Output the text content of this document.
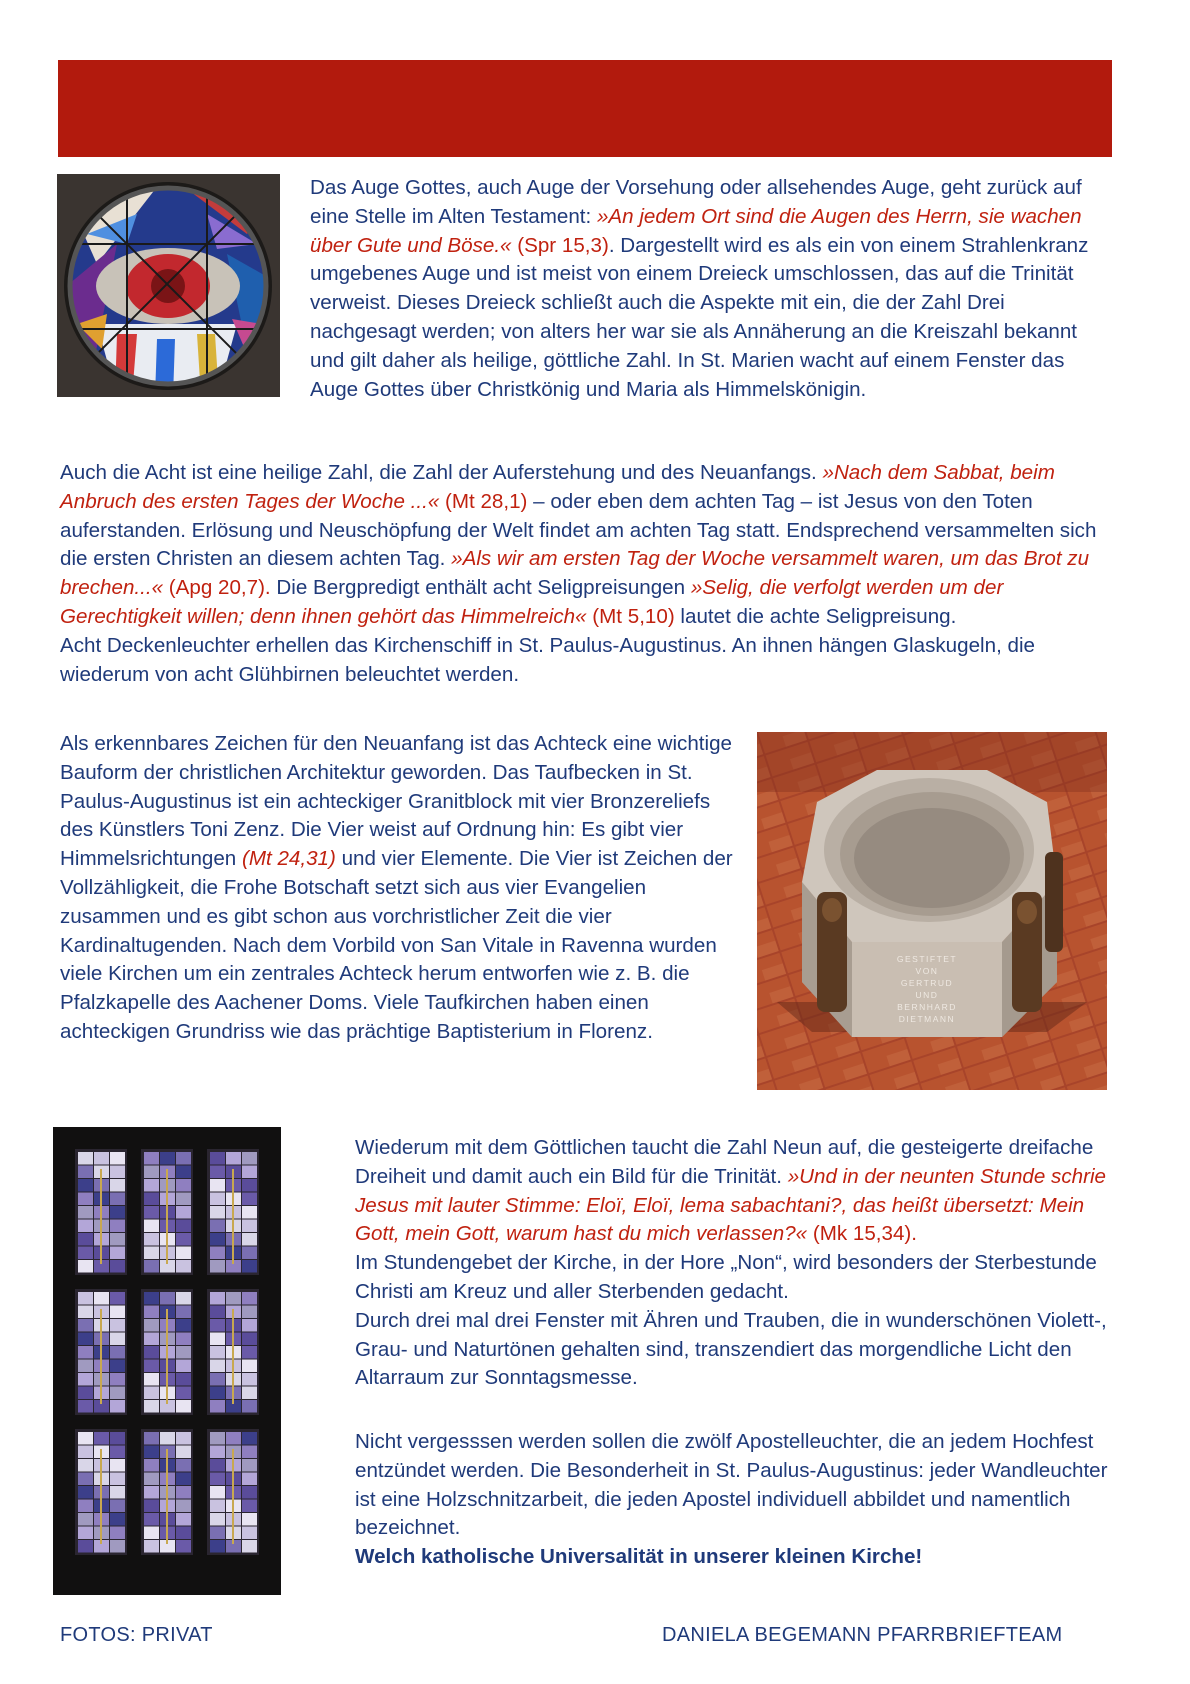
Das Auge Gottes, auch Auge der Vorsehung oder allsehendes Auge, geht zurück auf eine Stelle im Alten Testament: »An jedem Ort sind die Augen des Herrn, sie wachen über Gute und Böse.« (Spr 15,3). Dargestellt wird es als ein von einem Strahlenkranz umgebenes Auge und ist meist von einem Dreieck umschlossen, das auf die Trinität verweist. Dieses Dreieck schließt auch die Aspekte mit ein, die der Zahl Drei nachgesagt werden; von alters her war sie als Annäherung an die Kreiszahl bekannt und gilt daher als heilige, göttliche Zahl. In St. Marien wacht auf einem Fenster das Auge Gottes über Christkönig und Maria als Himmelskönigin.
Auch die Acht ist eine heilige Zahl, die Zahl der Auferstehung und des Neuanfangs. »Nach dem Sabbat, beim Anbruch des ersten Tages der Woche ...« (Mt 28,1) – oder eben dem achten Tag – ist Jesus von den Toten auferstanden. Erlösung und Neuschöpfung der Welt findet am achten Tag statt. Endsprechend versammelten sich die ersten Christen an diesem achten Tag. »Als wir am ersten Tag der Woche versammelt waren, um das Brot zu brechen...« (Apg 20,7). Die Bergpredigt enthält acht Seligpreisungen »Selig, die verfolgt werden um der Gerechtigkeit willen; denn ihnen gehört das Himmelreich« (Mt 5,10) lautet die achte Seligpreisung.
Acht Deckenleuchter erhellen das Kirchenschiff in St. Paulus-Augustinus. An ihnen hängen Glaskugeln, die wiederum von acht Glühbirnen beleuchtet werden.
Als erkennbares Zeichen für den Neuanfang ist das Achteck eine wichtige Bauform der christlichen Architektur geworden. Das Taufbecken in St. Paulus-Augustinus ist ein achteckiger Granitblock mit vier Bronzereliefs des Künstlers Toni Zenz. Die Vier weist auf Ordnung hin: Es gibt vier Himmelsrichtungen (Mt 24,31) und vier Elemente. Die Vier ist Zeichen der Vollzähligkeit, die Frohe Botschaft setzt sich aus vier Evangelien zusammen und es gibt schon aus vorchristlicher Zeit die vier Kardinaltugenden. Nach dem Vorbild von San Vitale in Ravenna wurden viele Kirchen um ein zentrales Achteck herum entworfen wie z. B. die Pfalzkapelle des Aachener Doms. Viele Taufkirchen haben einen achteckigen Grundriss wie das prächtige Baptisterium in Florenz.
GESTIFTET
VON
GERTRUD
UND
BERNHARD
DIETMANN
Wiederum mit dem Göttlichen taucht die Zahl Neun auf, die gesteigerte dreifache Dreiheit und damit auch ein Bild für die Trinität. »Und in der neunten Stunde schrie Jesus mit lauter Stimme: Eloï, Eloï, lema sabachtani?, das heißt übersetzt: Mein Gott, mein Gott, warum hast du mich verlassen?« (Mk 15,34).
Im Stundengebet der Kirche, in der Hore „Non“, wird besonders der Sterbestunde Christi am Kreuz und aller Sterbenden gedacht.
Durch drei mal drei Fenster mit Ähren und Trauben, die in wunderschönen Violett-, Grau- und Naturtönen gehalten sind, transzendiert das morgendliche Licht den Altarraum zur Sonntagsmesse.
Nicht vergesssen werden sollen die zwölf Apostelleuchter, die an jedem Hochfest entzündet werden. Die Besonderheit in St. Paulus-Augustinus: jeder Wandleuchter ist eine Holzschnitzarbeit, die jeden Apostel individuell abbildet und namentlich bezeichnet.
Welch katholische Universalität in unserer kleinen Kirche!
FOTOS: PRIVAT	DANIELA BEGEMANN PFARRBRIEFTEAM
